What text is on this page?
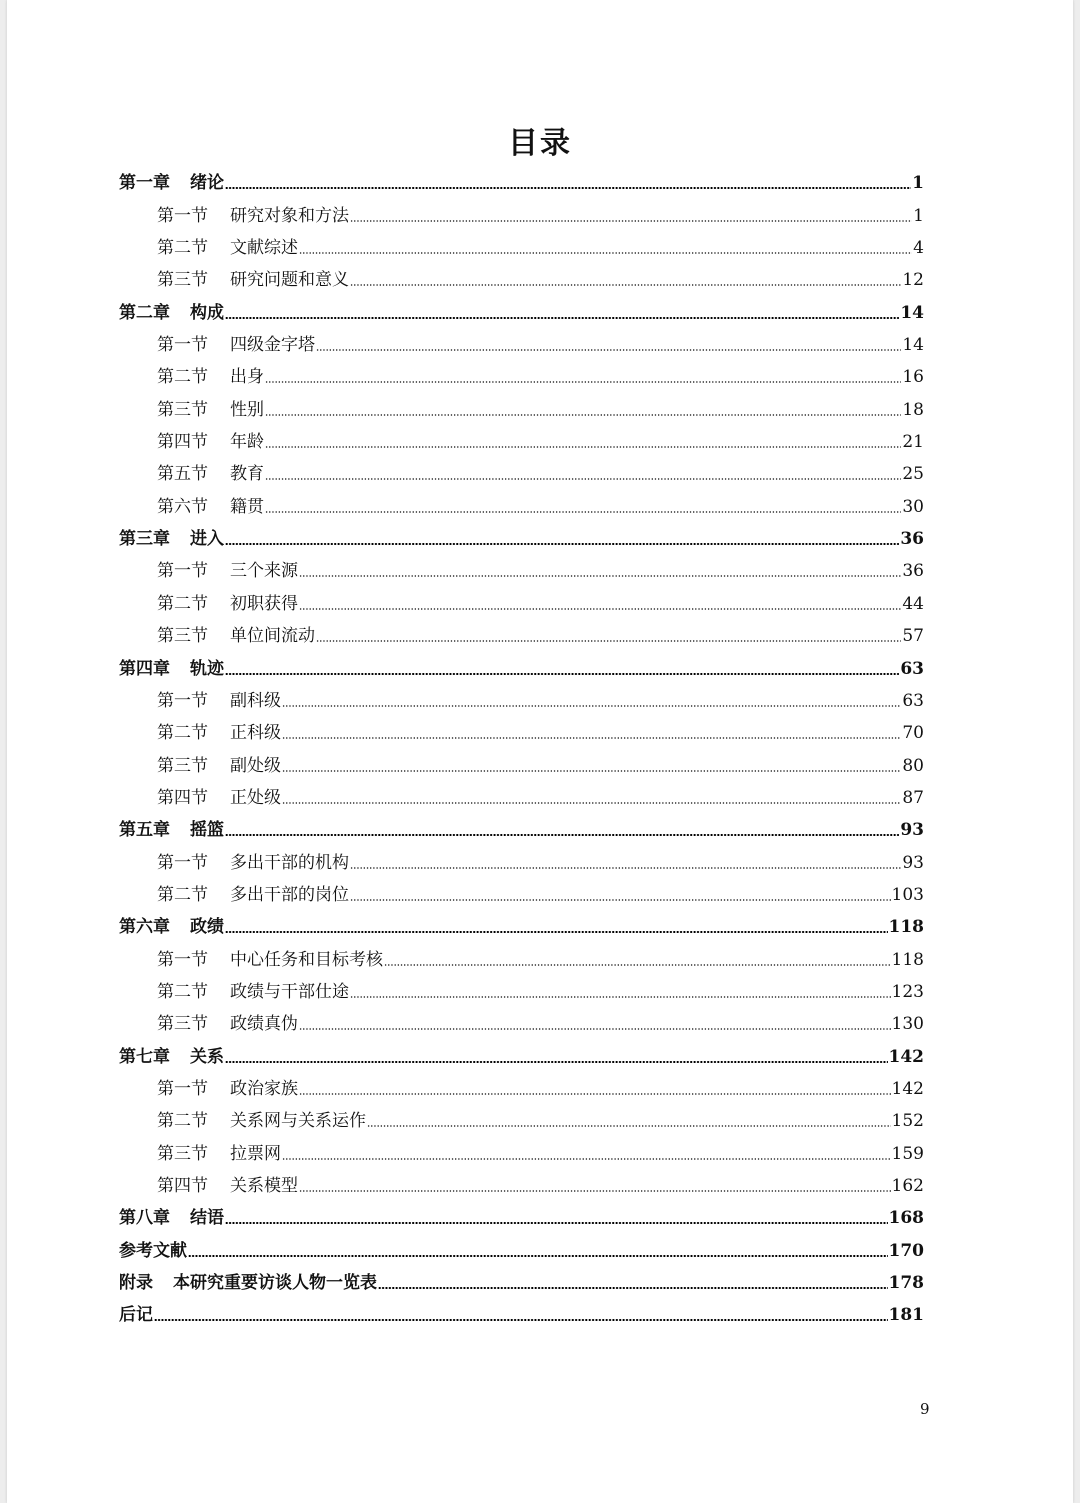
目录
第一章 绪论	1
第一节 研究对象和方法	1
第二节 文献综述	4
第三节 研究问题和意义	12
第二章 构成	14
第一节 四级金字塔	14
第二节 出身	16
第三节 性别	18
第四节 年龄	21
第五节 教育	25
第六节 籍贯	30
第三章 进入	36
第一节 三个来源	36
第二节 初职获得	44
第三节 单位间流动	57
第四章 轨迹	63
第一节 副科级	63
第二节 正科级	70
第三节 副处级	80
第四节 正处级	87
第五章 摇篮	93
第一节 多出干部的机构	93
第二节 多出干部的岗位	103
第六章 政绩	118
第一节 中心任务和目标考核	118
第二节 政绩与干部仕途	123
第三节 政绩真伪	130
第七章 关系	142
第一节 政治家族	142
第二节 关系网与关系运作	152
第三节 拉票网	159
第四节 关系模型	162
第八章 结语	168
参考文献	170
附录 本研究重要访谈人物一览表	178
后记	181
9
